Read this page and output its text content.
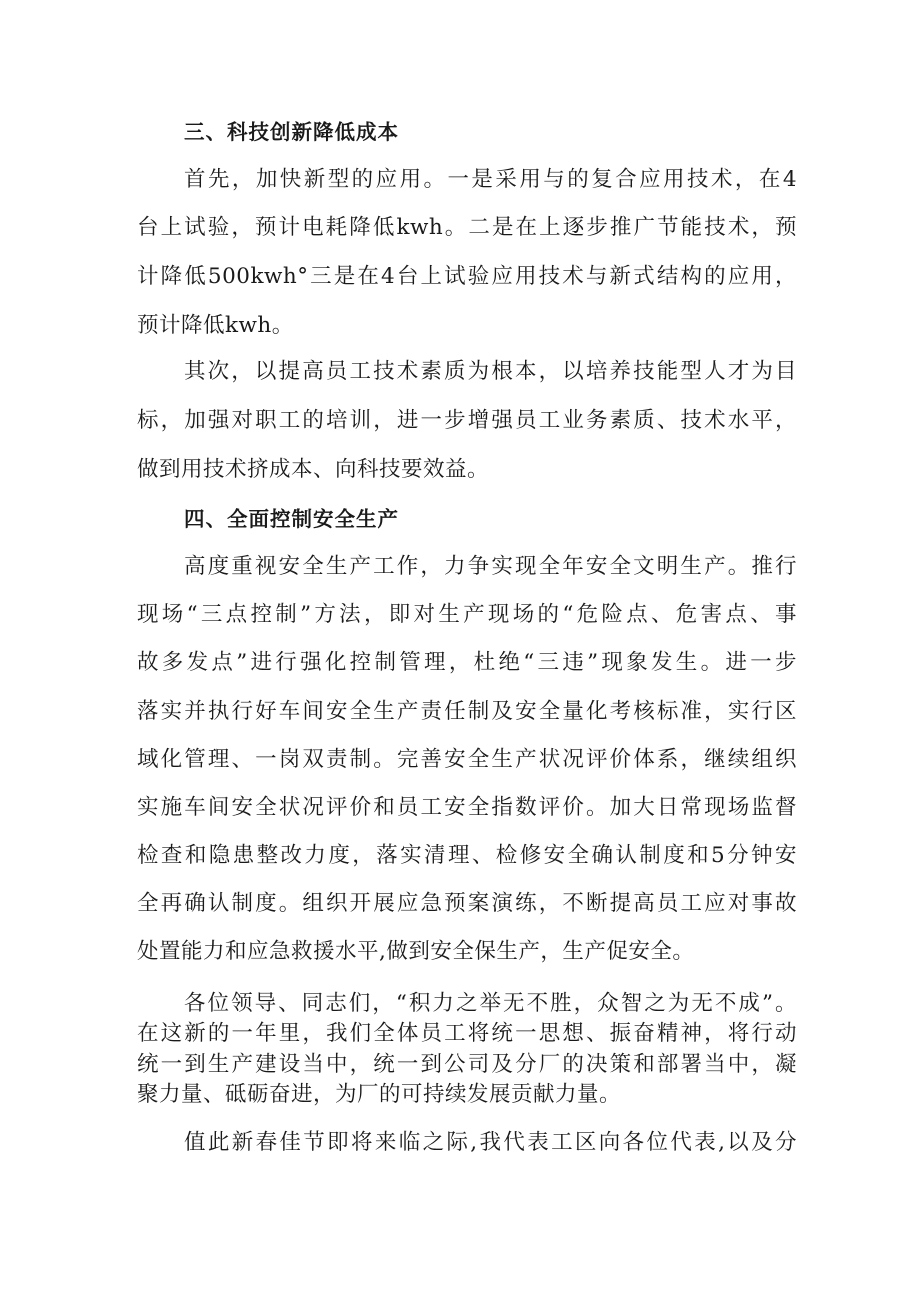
三、科技创新降低成本
首先，加快新型的应用。一是采用与的复合应用技术，在4
台上试验，预计电耗降低kwh。二是在上逐步推广节能技术，预
计降低500kwh°三是在4台上试验应用技术与新式结构的应用，
预计降低kwh。
其次，以提高员工技术素质为根本，以培养技能型人才为目
标，加强对职工的培训，进一步增强员工业务素质、技术水平，
做到用技术挤成本、向科技要效益。
四、全面控制安全生产
高度重视安全生产工作，力争实现全年安全文明生产。推行
现场“三点控制”方法，即对生产现场的“危险点、危害点、事
故多发点”进行强化控制管理，杜绝“三违”现象发生。进一步
落实并执行好车间安全生产责任制及安全量化考核标准，实行区
域化管理、一岗双责制。完善安全生产状况评价体系，继续组织
实施车间安全状况评价和员工安全指数评价。加大日常现场监督
检查和隐患整改力度，落实清理、检修安全确认制度和5分钟安
全再确认制度。组织开展应急预案演练，不断提高员工应对事故
处置能力和应急救援水平,做到安全保生产，生产促安全。
各位领导、同志们，“积力之举无不胜，众智之为无不成”。
在这新的一年里，我们全体员工将统一思想、振奋精神，将行动
统一到生产建设当中，统一到公司及分厂的决策和部署当中，凝
聚力量、砥砺奋进，为厂的可持续发展贡献力量。
值此新春佳节即将来临之际,我代表工区向各位代表,以及分
